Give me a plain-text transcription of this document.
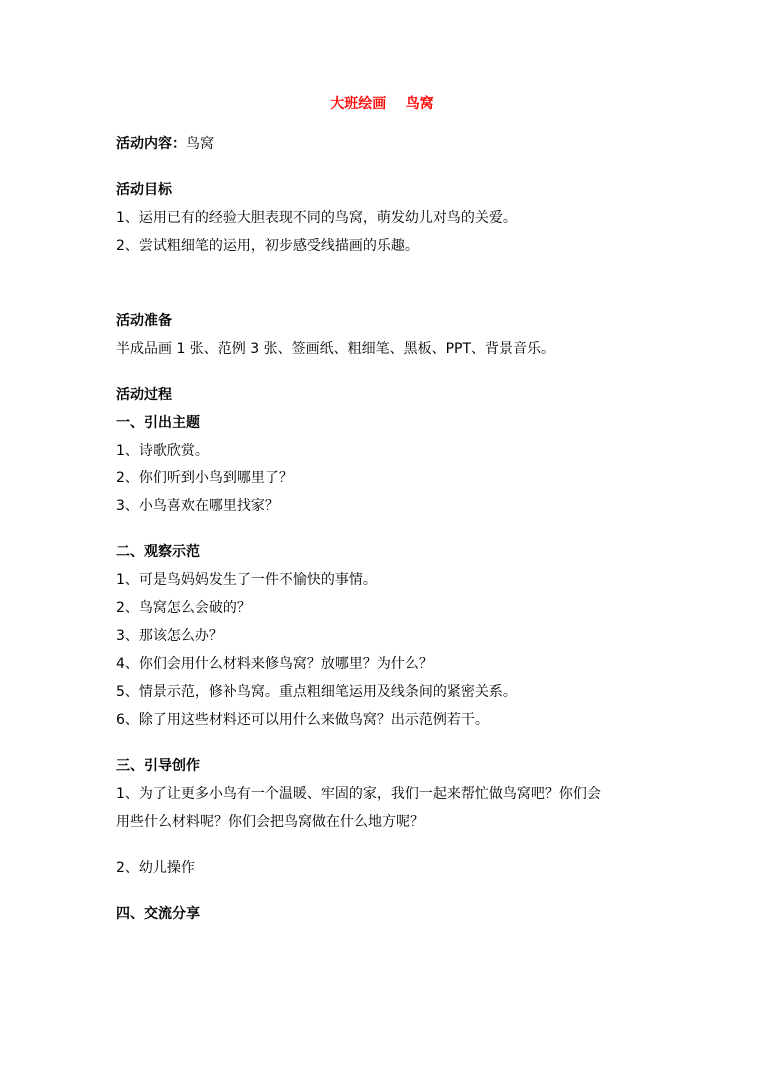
大班绘画    鸟窝
活动内容：鸟窝
活动目标
1、运用已有的经验大胆表现不同的鸟窝，萌发幼儿对鸟的关爱。
2、尝试粗细笔的运用，初步感受线描画的乐趣。
活动准备
半成品画 1 张、范例 3 张、签画纸、粗细笔、黑板、PPT、背景音乐。
活动过程
一、引出主题
1、诗歌欣赏。
2、你们听到小鸟到哪里了？
3、小鸟喜欢在哪里找家？
二、观察示范
1、可是鸟妈妈发生了一件不愉快的事情。
2、鸟窝怎么会破的？
3、那该怎么办？
4、你们会用什么材料来修鸟窝？放哪里？为什么？
5、情景示范，修补鸟窝。重点粗细笔运用及线条间的紧密关系。
6、除了用这些材料还可以用什么来做鸟窝？出示范例若干。
三、引导创作
1、为了让更多小鸟有一个温暖、牢固的家，我们一起来帮忙做鸟窝吧？你们会
用些什么材料呢？你们会把鸟窝做在什么地方呢？
2、幼儿操作
四、交流分享
